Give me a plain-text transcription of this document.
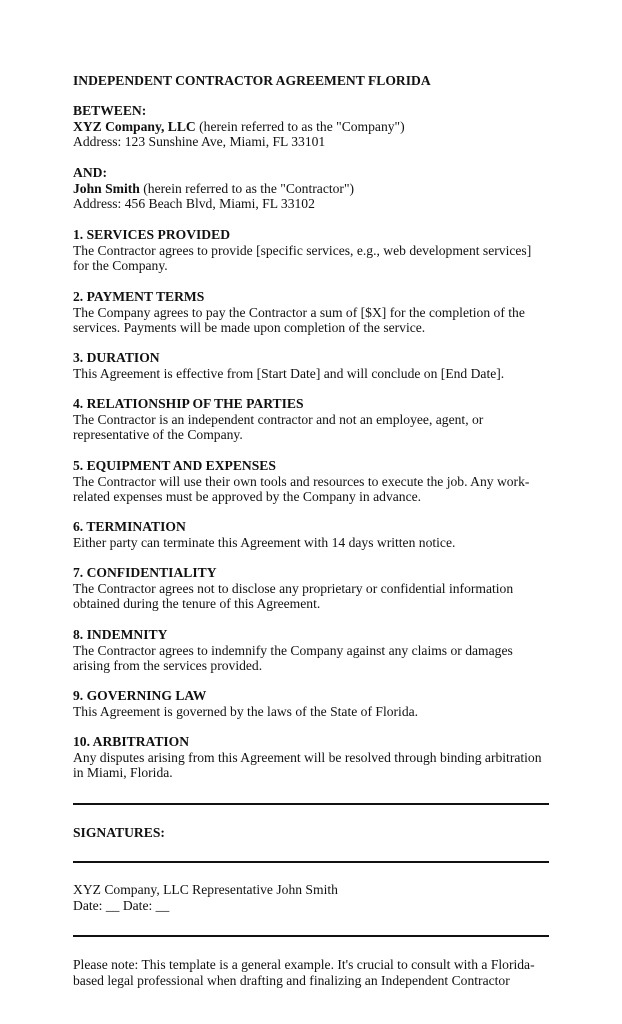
INDEPENDENT CONTRACTOR AGREEMENT FLORIDA
BETWEEN:
XYZ Company, LLC (herein referred to as the "Company")
Address: 123 Sunshine Ave, Miami, FL 33101
AND:
John Smith (herein referred to as the "Contractor")
Address: 456 Beach Blvd, Miami, FL 33102
1. SERVICES PROVIDED
The Contractor agrees to provide [specific services, e.g., web development services]
for the Company.
2. PAYMENT TERMS
The Company agrees to pay the Contractor a sum of [$X] for the completion of the
services. Payments will be made upon completion of the service.
3. DURATION
This Agreement is effective from [Start Date] and will conclude on [End Date].
4. RELATIONSHIP OF THE PARTIES
The Contractor is an independent contractor and not an employee, agent, or
representative of the Company.
5. EQUIPMENT AND EXPENSES
The Contractor will use their own tools and resources to execute the job. Any work-
related expenses must be approved by the Company in advance.
6. TERMINATION
Either party can terminate this Agreement with 14 days written notice.
7. CONFIDENTIALITY
The Contractor agrees not to disclose any proprietary or confidential information
obtained during the tenure of this Agreement.
8. INDEMNITY
The Contractor agrees to indemnify the Company against any claims or damages
arising from the services provided.
9. GOVERNING LAW
This Agreement is governed by the laws of the State of Florida.
10. ARBITRATION
Any disputes arising from this Agreement will be resolved through binding arbitration
in Miami, Florida.
SIGNATURES:
XYZ Company, LLC Representative John Smith
Date: __ Date: __
Please note: This template is a general example. It's crucial to consult with a Florida-
based legal professional when drafting and finalizing an Independent Contractor
